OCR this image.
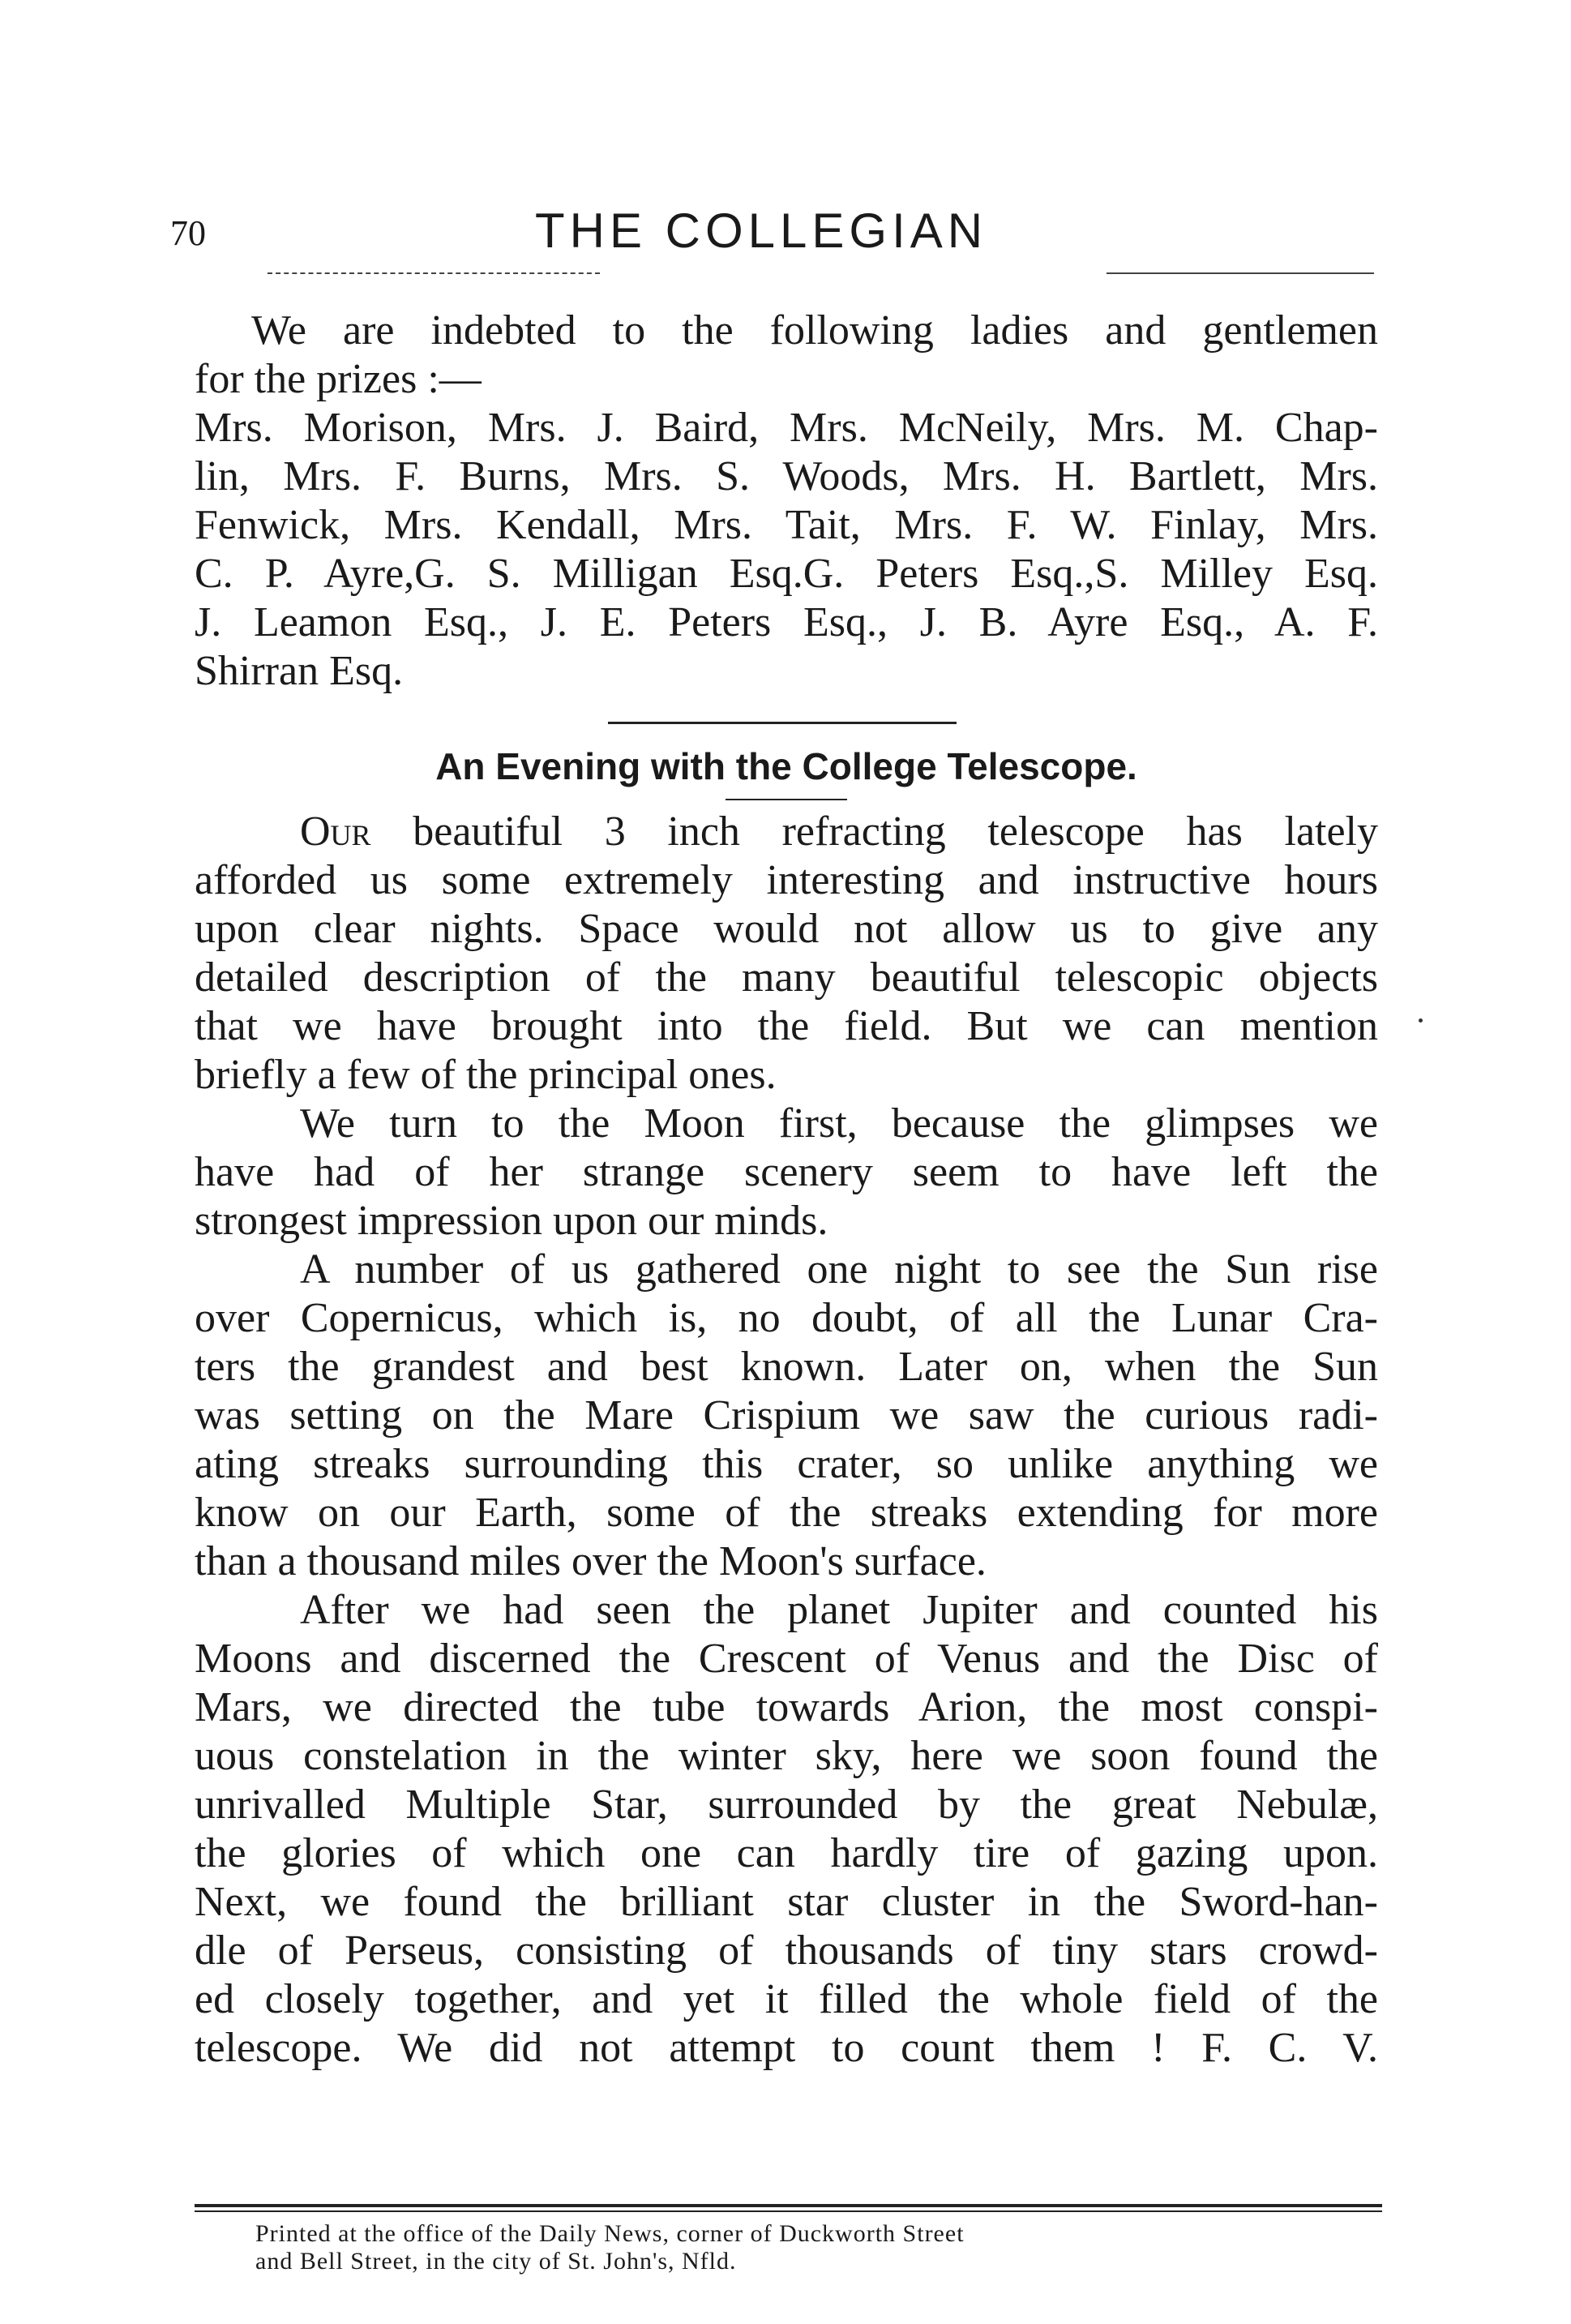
70	THE COLLEGIAN
We are indebted to the following ladies and gentlemen
for the prizes :—
Mrs. Morison, Mrs. J. Baird, Mrs. McNeily, Mrs. M. Chap-
lin, Mrs. F. Burns, Mrs. S. Woods, Mrs. H. Bartlett, Mrs.
Fenwick, Mrs. Kendall, Mrs. Tait, Mrs. F. W. Finlay, Mrs.
C. P. Ayre,G. S. Milligan Esq.G. Peters Esq.,S. Milley Esq.
J. Leamon Esq., J. E. Peters Esq., J. B. Ayre Esq., A. F.
Shirran Esq.
An Evening with the College Telescope.
Our beautiful 3 inch refracting telescope has lately
afforded us some extremely interesting and instructive hours
upon clear nights. Space would not allow us to give any
detailed description of the many beautiful telescopic objects
that we have brought into the field. But we can mention
briefly a few of the principal ones.
We turn to the Moon first, because the glimpses we
have had of her strange scenery seem to have left the
strongest impression upon our minds.
A number of us gathered one night to see the Sun rise
over Copernicus, which is, no doubt, of all the Lunar Cra-
ters the grandest and best known. Later on, when the Sun
was setting on the Mare Crispium we saw the curious radi-
ating streaks surrounding this crater, so unlike anything we
know on our Earth, some of the streaks extending for more
than a thousand miles over the Moon's surface.
After we had seen the planet Jupiter and counted his
Moons and discerned the Crescent of Venus and the Disc of
Mars, we directed the tube towards Arion, the most conspi-
uous constelation in the winter sky, here we soon found the
unrivalled Multiple Star, surrounded by the great Nebulæ,
the glories of which one can hardly tire of gazing upon.
Next, we found the brilliant star cluster in the Sword-han-
dle of Perseus, consisting of thousands of tiny stars crowd-
ed closely together, and yet it filled the whole field of the
telescope. We did not attempt to count them ! F. C. V.
Printed at the office of the Daily News, corner of Duckworth Street
and Bell Street, in the city of St. John's, Nfld.
